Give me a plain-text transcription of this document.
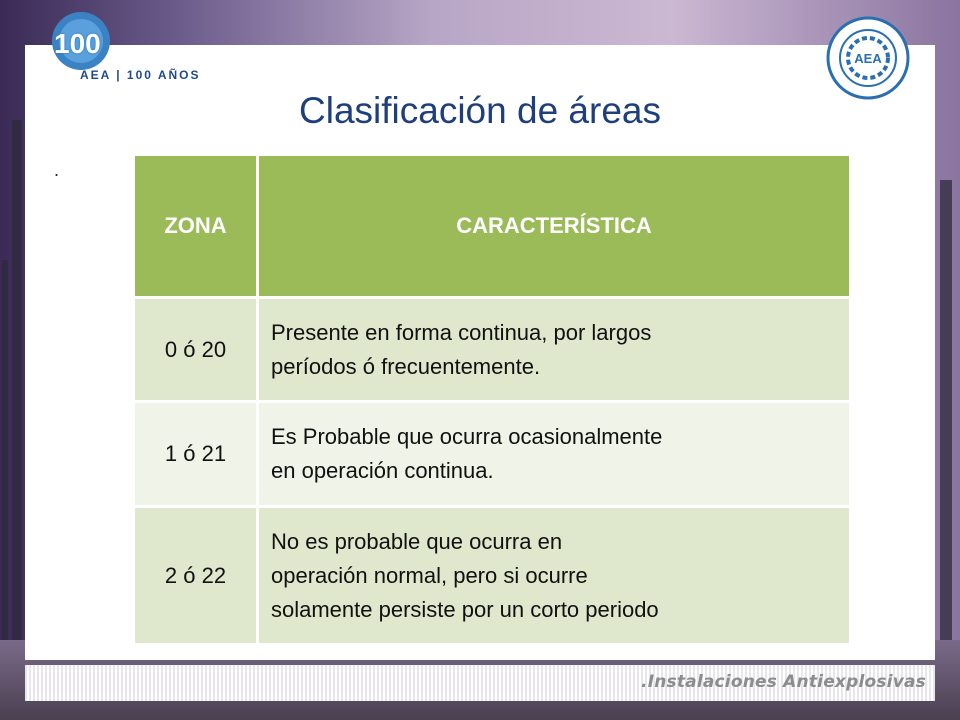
100
AEA | 100 AÑOS
AEA
Clasificación de áreas
.
ZONA	CARACTERÍSTICA
0 ó 20	Presente en forma continua, por largos
períodos ó frecuentemente.

1 ó 21	Es Probable que ocurra ocasionalmente
en operación continua.

2 ó 22	No es probable que ocurra en
operación normal, pero si ocurre
solamente persiste por un corto periodo
.Instalaciones Antiexplosivas
